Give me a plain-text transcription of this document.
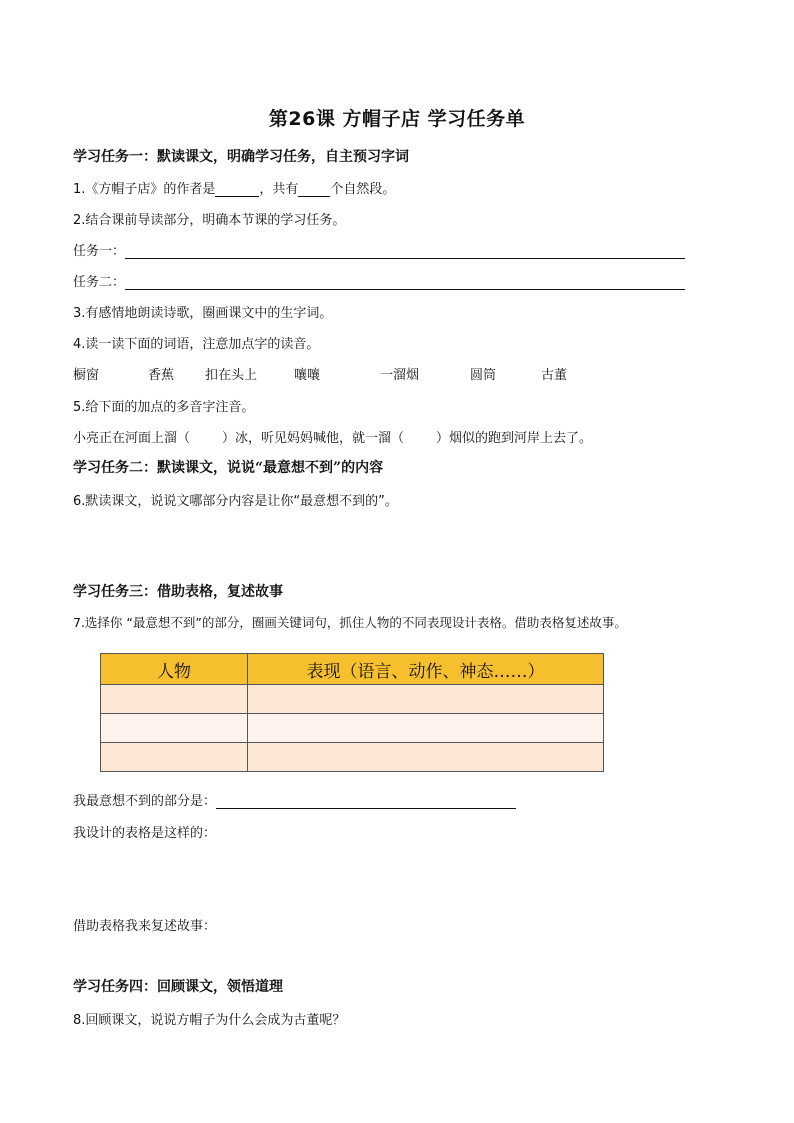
第26课 方帽子店 学习任务单
学习任务一：默读课文，明确学习任务，自主预习字词
1.《方帽子店》的作者是	，共有 个自然段。
2.结合课前导读部分，明确本节课的学习任务。
任务一：
任务二：
3.有感情地朗读诗歌，圈画课文中的生字词。
4.读一读下面的词语，注意加点字的读音。
橱窗	香蕉 扣在头上	嚷嚷	一溜烟	圆筒	古董
5.给下面的加点的多音字注音。
小亮正在河面上溜（ ）冰，听见妈妈喊他，就一溜（ ）烟似的跑到河岸上去了。
学习任务二：默读课文，说说“最意想不到”的内容
6.默读课文，说说文哪部分内容是让你“最意想不到的”。
学习任务三：借助表格，复述故事
7.选择你 “最意想不到”的部分，圈画关键词句，抓住人物的不同表现设计表格。借助表格复述故事。
人物	表现（语言、动作、神态……）

我最意想不到的部分是：
我设计的表格是这样的：
借助表格我来复述故事：
学习任务四：回顾课文，领悟道理
8.回顾课文，说说方帽子为什么会成为古董呢？
